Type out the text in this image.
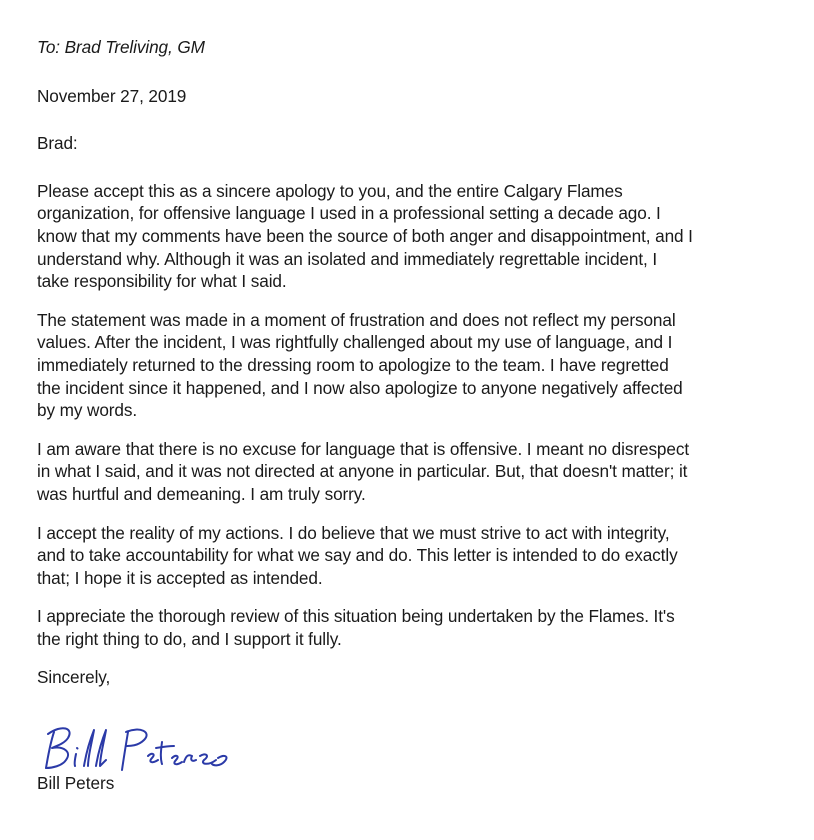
To: Brad Treliving, GM
November 27, 2019
Brad:
Please accept this as a sincere apology to you, and the entire Calgary Flames
organization, for offensive language I used in a professional setting a decade ago. I
know that my comments have been the source of both anger and disappointment, and I
understand why. Although it was an isolated and immediately regrettable incident, I
take responsibility for what I said.
The statement was made in a moment of frustration and does not reflect my personal
values. After the incident, I was rightfully challenged about my use of language, and I
immediately returned to the dressing room to apologize to the team. I have regretted
the incident since it happened, and I now also apologize to anyone negatively affected
by my words.
I am aware that there is no excuse for language that is offensive. I meant no disrespect
in what I said, and it was not directed at anyone in particular. But, that doesn't matter; it
was hurtful and demeaning. I am truly sorry.
I accept the reality of my actions. I do believe that we must strive to act with integrity,
and to take accountability for what we say and do. This letter is intended to do exactly
that; I hope it is accepted as intended.
I appreciate the thorough review of this situation being undertaken by the Flames. It's
the right thing to do, and I support it fully.
Sincerely,
Bill Peters
